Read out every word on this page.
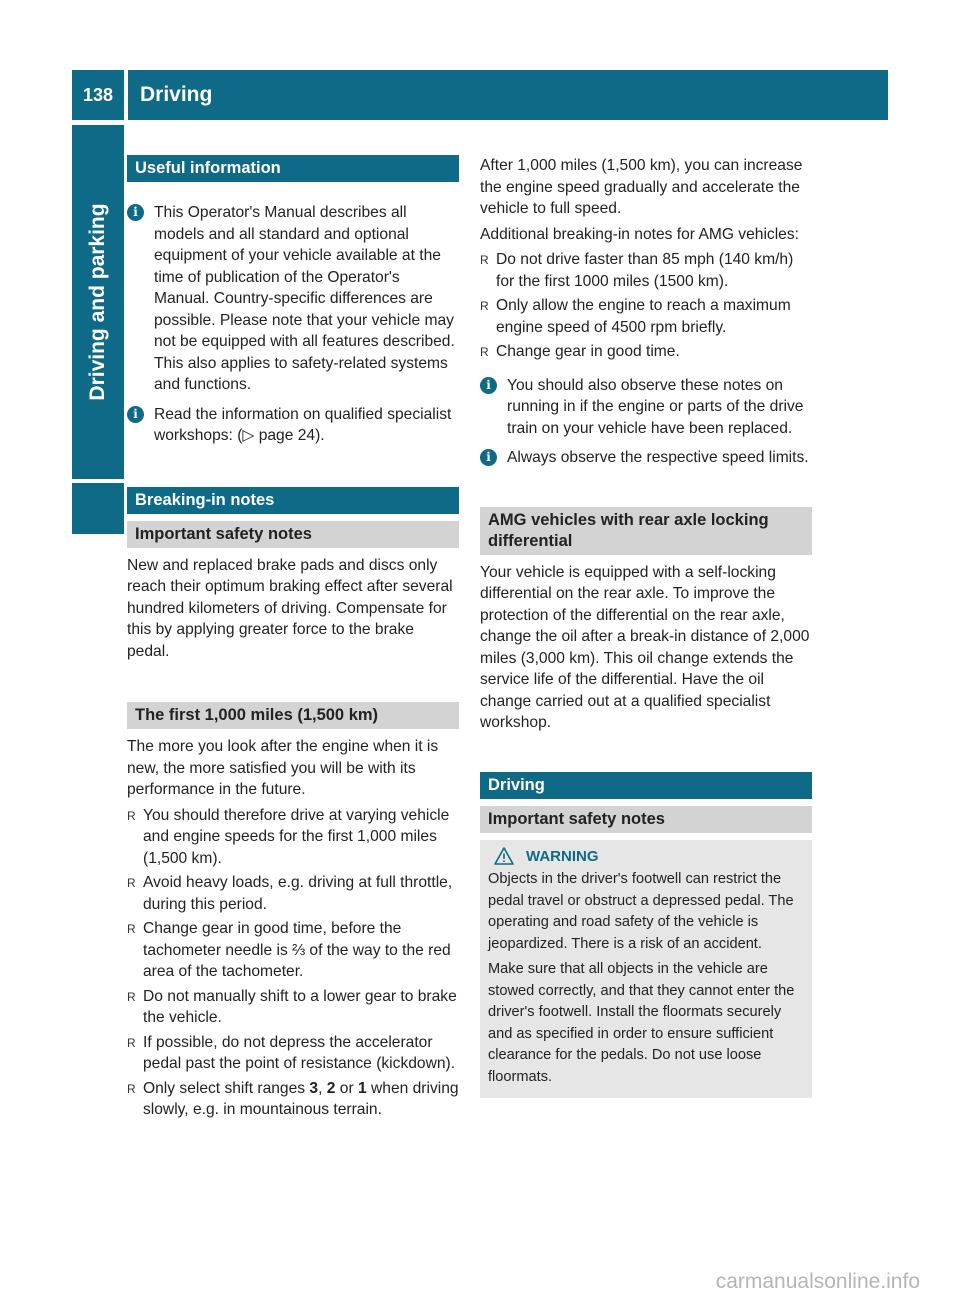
138	Driving
Driving and parking
Useful information
i	This Operator's Manual describes all models and all standard and optional equipment of your vehicle available at the time of publication of the Operator's Manual. Country-specific differences are possible. Please note that your vehicle may not be equipped with all features described. This also applies to safety-related systems and functions.

i	Read the information on qualified specialist workshops: (▷ page 24).

Breaking-in notes
Important safety notes

New and replaced brake pads and discs only reach their optimum braking effect after several hundred kilometers of driving. Compensate for this by applying greater force to the brake pedal.

The first 1,000 miles (1,500 km)

The more you look after the engine when it is new, the more satisfied you will be with its performance in the future.

R You should therefore drive at varying vehicle and engine speeds for the first 1,000 miles (1,500 km).

R Avoid heavy loads, e.g. driving at full throttle, during this period.

R Change gear in good time, before the tachometer needle is ⅔ of the way to the red area of the tachometer.

R Do not manually shift to a lower gear to brake the vehicle.

R If possible, do not depress the accelerator pedal past the point of resistance (kickdown).

R Only select shift ranges 3, 2 or 1 when driving slowly, e.g. in mountainous terrain.

After 1,000 miles (1,500 km), you can increase the engine speed gradually and accelerate the vehicle to full speed.

Additional breaking-in notes for AMG vehicles:

R Do not drive faster than 85 mph (140 km/h) for the first 1000 miles (1500 km).

R Only allow the engine to reach a maximum engine speed of 4500 rpm briefly.

R Change gear in good time.

i	You should also observe these notes on running in if the engine or parts of the drive train on your vehicle have been replaced.

i	Always observe the respective speed limits.

AMG vehicles with rear axle locking differential

Your vehicle is equipped with a self-locking differential on the rear axle. To improve the protection of the differential on the rear axle, change the oil after a break-in distance of 2,000 miles (3,000 km). This oil change extends the service life of the differential. Have the oil change carried out at a qualified specialist workshop.

Driving
Important safety notes
WARNING

Objects in the driver's footwell can restrict the pedal travel or obstruct a depressed pedal. The operating and road safety of the vehicle is jeopardized. There is a risk of an accident.

Make sure that all objects in the vehicle are stowed correctly, and that they cannot enter the driver's footwell. Install the floormats securely and as specified in order to ensure sufficient clearance for the pedals. Do not use loose floormats.

carmanualsonline.info
